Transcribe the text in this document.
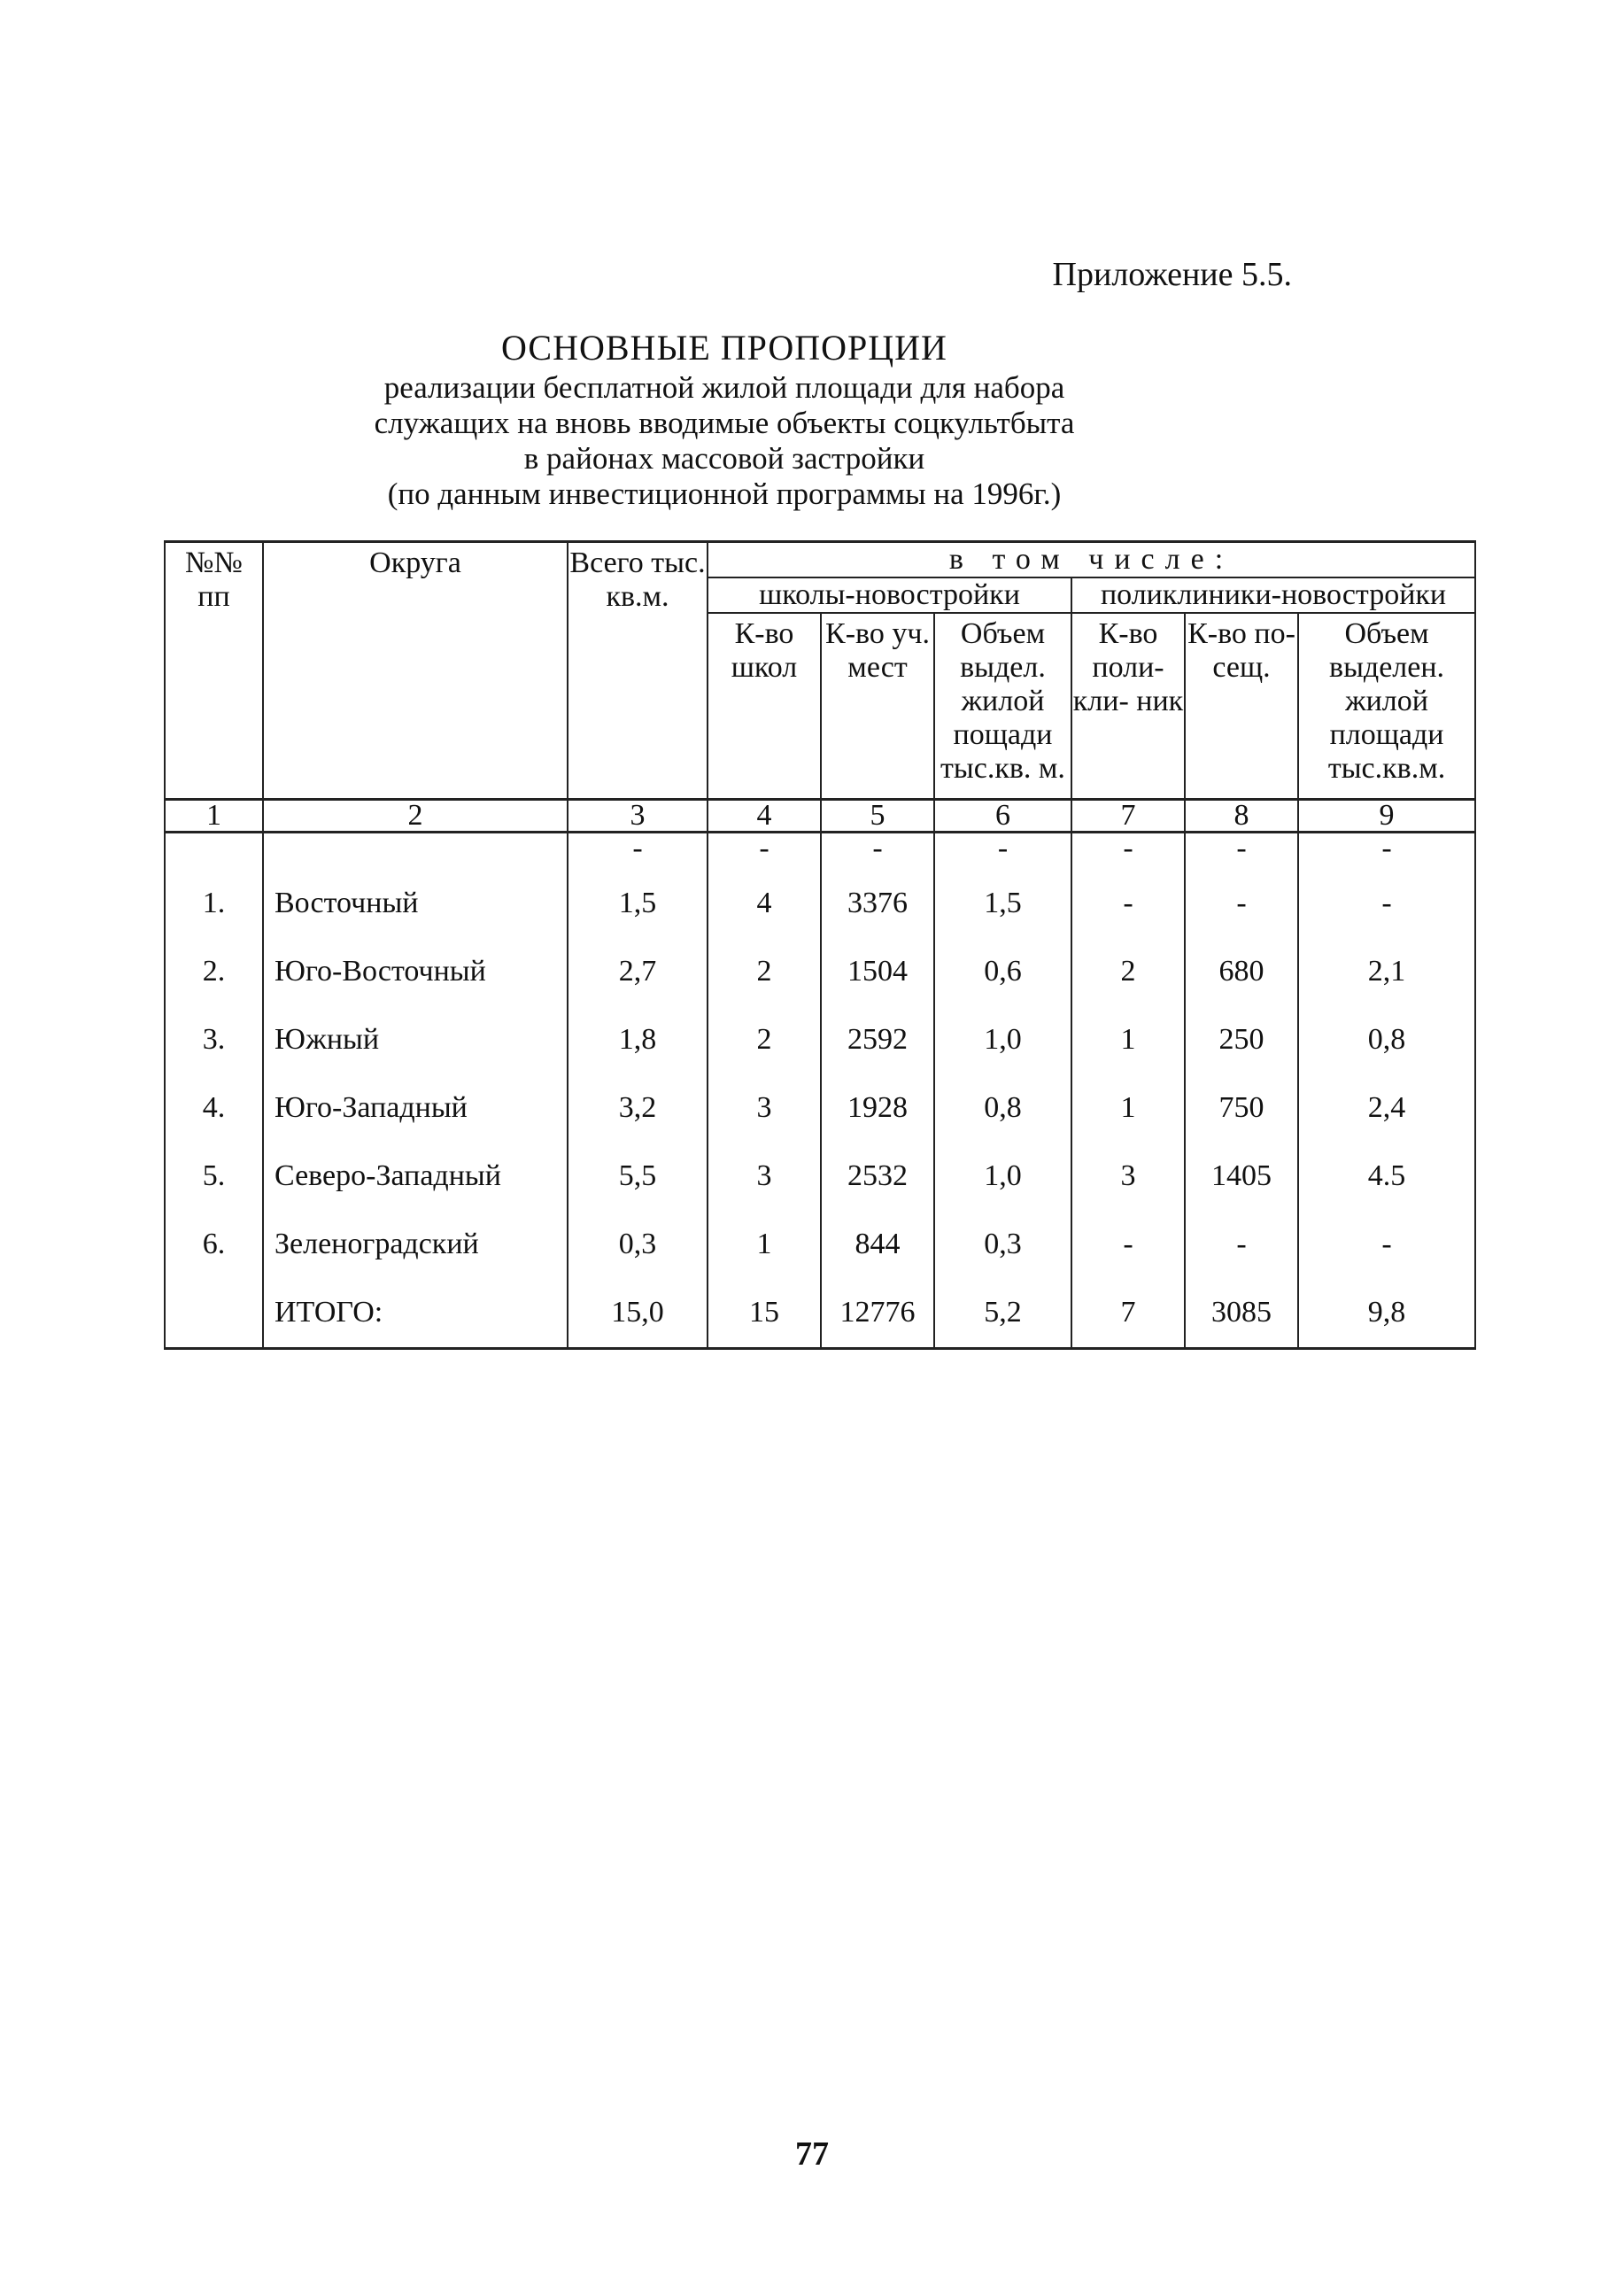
Приложение 5.5.
ОСНОВНЫЕ ПРОПОРЦИИ
реализации бесплатной жилой площади для набора
служащих на вновь вводимые объекты соцкультбыта
в районах массовой застройки
(по данным инвестиционной программы на 1996г.)
№№ пп	Округа	Всего тыс. кв.м.	в том числе:					
			школы-новостройки			поликлиники-новостройки		
			К-во школ	К-во уч. мест	Объем выдел. жилой пощади тыс.кв. м.	К-во поли- кли- ник	К-во по- сещ.	Объем выделен. жилой площади тыс.кв.м.
1	2	3	4	5	6	7	8	9
		-	-	-	-	-	-	-
1.	Восточный	1,5	4	3376	1,5	-	-	-
2.	Юго-Восточный	2,7	2	1504	0,6	2	680	2,1
3.	Южный	1,8	2	2592	1,0	1	250	0,8
4.	Юго-Западный	3,2	3	1928	0,8	1	750	2,4
5.	Северо-Западный	5,5	3	2532	1,0	3	1405	4.5
6.	Зеленоградский	0,3	1	844	0,3	-	-	-
	ИТОГО:	15,0	15	12776	5,2	7	3085	9,8
77
